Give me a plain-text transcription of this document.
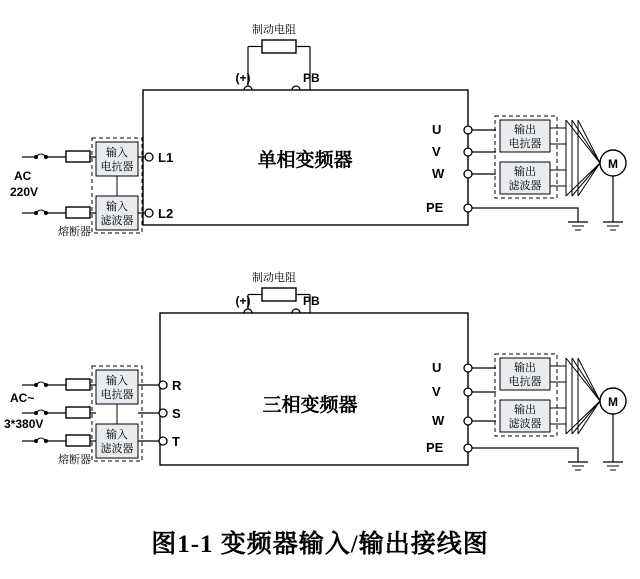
制动电阻
(+)	PB
单相变频器
AC
220V
熔断器
输入
电抗器
输入
滤波器
L1
L2
U
V
W
PE
输出
电抗器
输出
滤波器
M
制动电阻
(+)	PB
三相变频器
AC~
3*380V
熔断器
输入
电抗器
输入
滤波器
R
S
T
U
V
W
PE
输出
电抗器
输出
滤波器
M
图1-1 变频器输入/输出接线图
